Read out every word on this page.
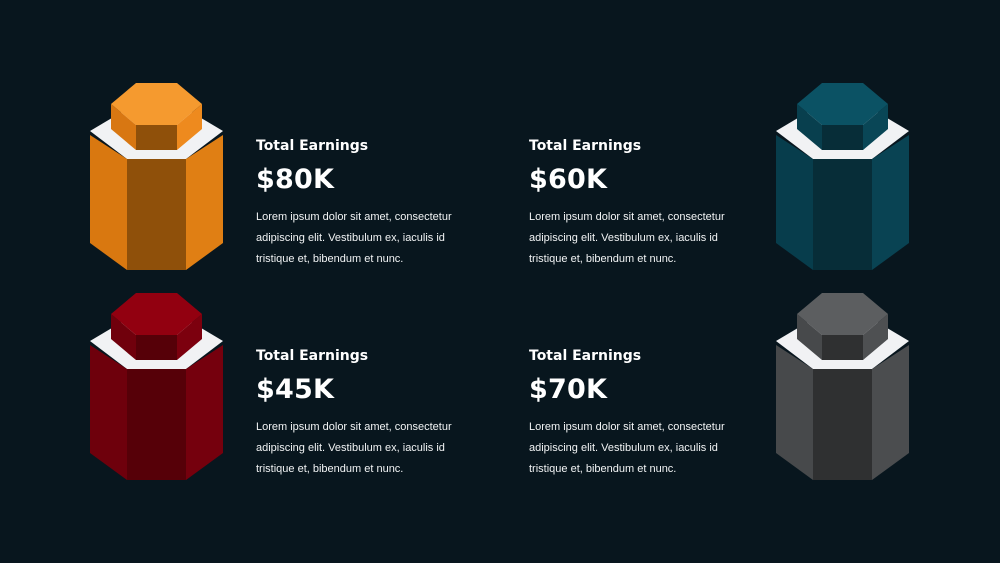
Total Earnings

$80K

Lorem ipsum dolor sit amet, consectetur adipiscing elit. Vestibulum ex, iaculis id tristique et, bibendum et nunc.

Total Earnings

$60K

Lorem ipsum dolor sit amet, consectetur adipiscing elit. Vestibulum ex, iaculis id tristique et, bibendum et nunc.

Total Earnings

$45K

Lorem ipsum dolor sit amet, consectetur adipiscing elit. Vestibulum ex, iaculis id tristique et, bibendum et nunc.

Total Earnings

$70K

Lorem ipsum dolor sit amet, consectetur adipiscing elit. Vestibulum ex, iaculis id tristique et, bibendum et nunc.
